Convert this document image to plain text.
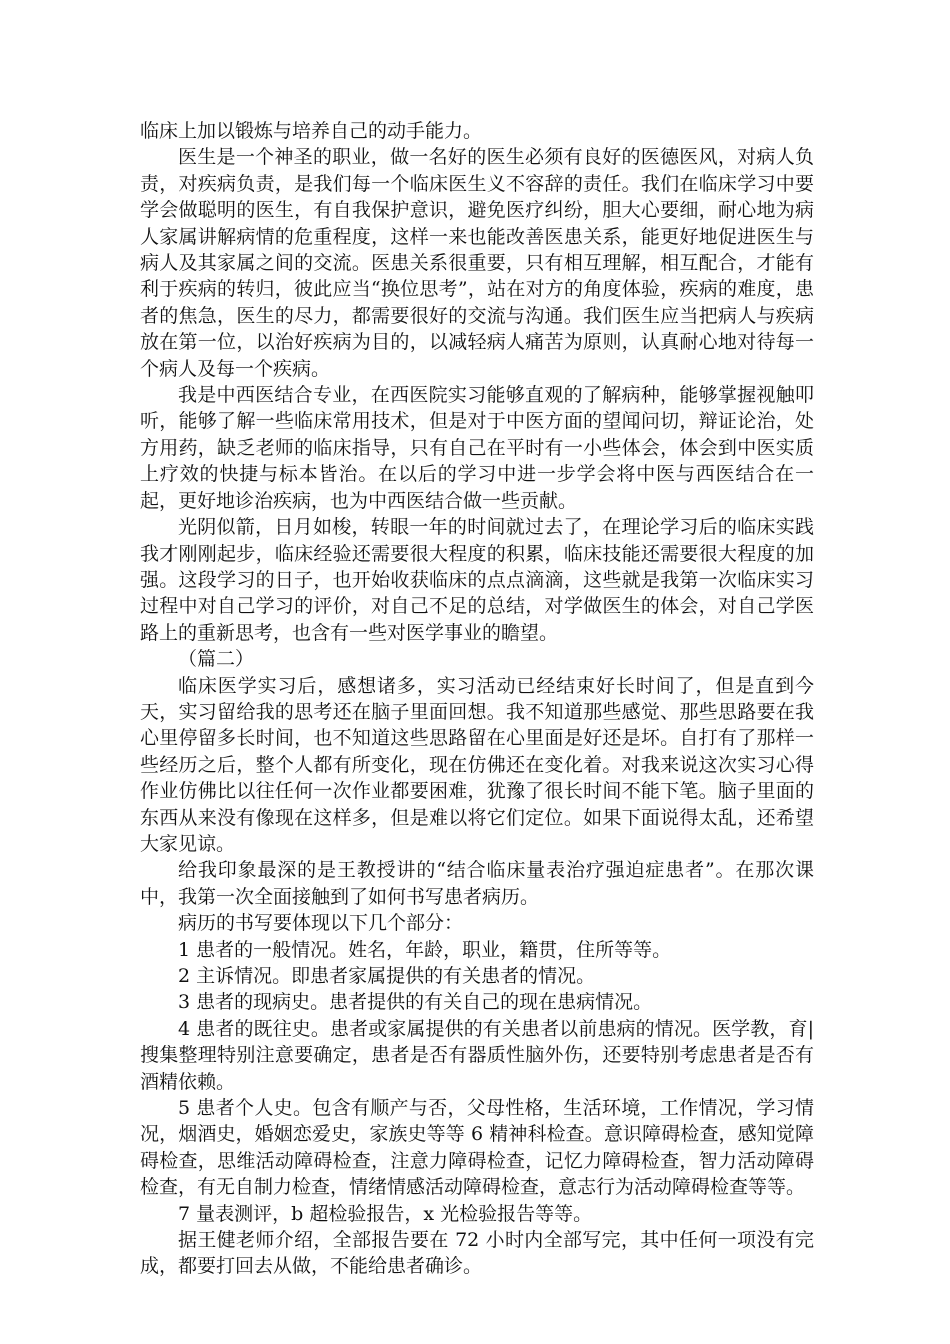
临床上加以锻炼与培养自己的动手能力。

医生是一个神圣的职业，做一名好的医生必须有良好的医德医风，对病人负责，对疾病负责，是我们每一个临床医生义不容辞的责任。我们在临床学习中要学会做聪明的医生，有自我保护意识，避免医疗纠纷，胆大心要细，耐心地为病人家属讲解病情的危重程度，这样一来也能改善医患关系，能更好地促进医生与病人及其家属之间的交流。医患关系很重要，只有相互理解，相互配合，才能有利于疾病的转归，彼此应当“换位思考”，站在对方的角度体验，疾病的难度，患者的焦急，医生的尽力，都需要很好的交流与沟通。我们医生应当把病人与疾病放在第一位，以治好疾病为目的，以减轻病人痛苦为原则，认真耐心地对待每一个病人及每一个疾病。

我是中西医结合专业，在西医院实习能够直观的了解病种，能够掌握视触叩听，能够了解一些临床常用技术，但是对于中医方面的望闻问切，辩证论治，处方用药，缺乏老师的临床指导，只有自己在平时有一小些体会，体会到中医实质上疗效的快捷与标本皆治。在以后的学习中进一步学会将中医与西医结合在一起，更好地诊治疾病，也为中西医结合做一些贡献。

光阴似箭，日月如梭，转眼一年的时间就过去了，在理论学习后的临床实践我才刚刚起步，临床经验还需要很大程度的积累，临床技能还需要很大程度的加强。这段学习的日子，也开始收获临床的点点滴滴，这些就是我第一次临床实习过程中对自己学习的评价，对自己不足的总结，对学做医生的体会，对自己学医路上的重新思考，也含有一些对医学事业的瞻望。

（篇二）

临床医学实习后，感想诸多，实习活动已经结束好长时间了，但是直到今天，实习留给我的思考还在脑子里面回想。我不知道那些感觉、那些思路要在我心里停留多长时间，也不知道这些思路留在心里面是好还是坏。自打有了那样一些经历之后，整个人都有所变化，现在仿佛还在变化着。对我来说这次实习心得作业仿佛比以往任何一次作业都要困难，犹豫了很长时间不能下笔。脑子里面的东西从来没有像现在这样多，但是难以将它们定位。如果下面说得太乱，还希望大家见谅。

给我印象最深的是王教授讲的“结合临床量表治疗强迫症患者”。在那次课中，我第一次全面接触到了如何书写患者病历。

病历的书写要体现以下几个部分：

1 患者的一般情况。姓名，年龄，职业，籍贯，住所等等。

2 主诉情况。即患者家属提供的有关患者的情况。

3 患者的现病史。患者提供的有关自己的现在患病情况。

4 患者的既往史。患者或家属提供的有关患者以前患病的情况。医学教，育|搜集整理特别注意要确定，患者是否有器质性脑外伤，还要特别考虑患者是否有酒精依赖。

5 患者个人史。包含有顺产与否，父母性格，生活环境，工作情况，学习情况，烟酒史，婚姻恋爱史，家族史等等 6 精神科检查。意识障碍检查，感知觉障碍检查，思维活动障碍检查，注意力障碍检查，记忆力障碍检查，智力活动障碍检查，有无自制力检查，情绪情感活动障碍检查，意志行为活动障碍检查等等。

7 量表测评，b 超检验报告，x 光检验报告等等。

据王健老师介绍，全部报告要在 72 小时内全部写完，其中任何一项没有完成，都要打回去从做，不能给患者确诊。
